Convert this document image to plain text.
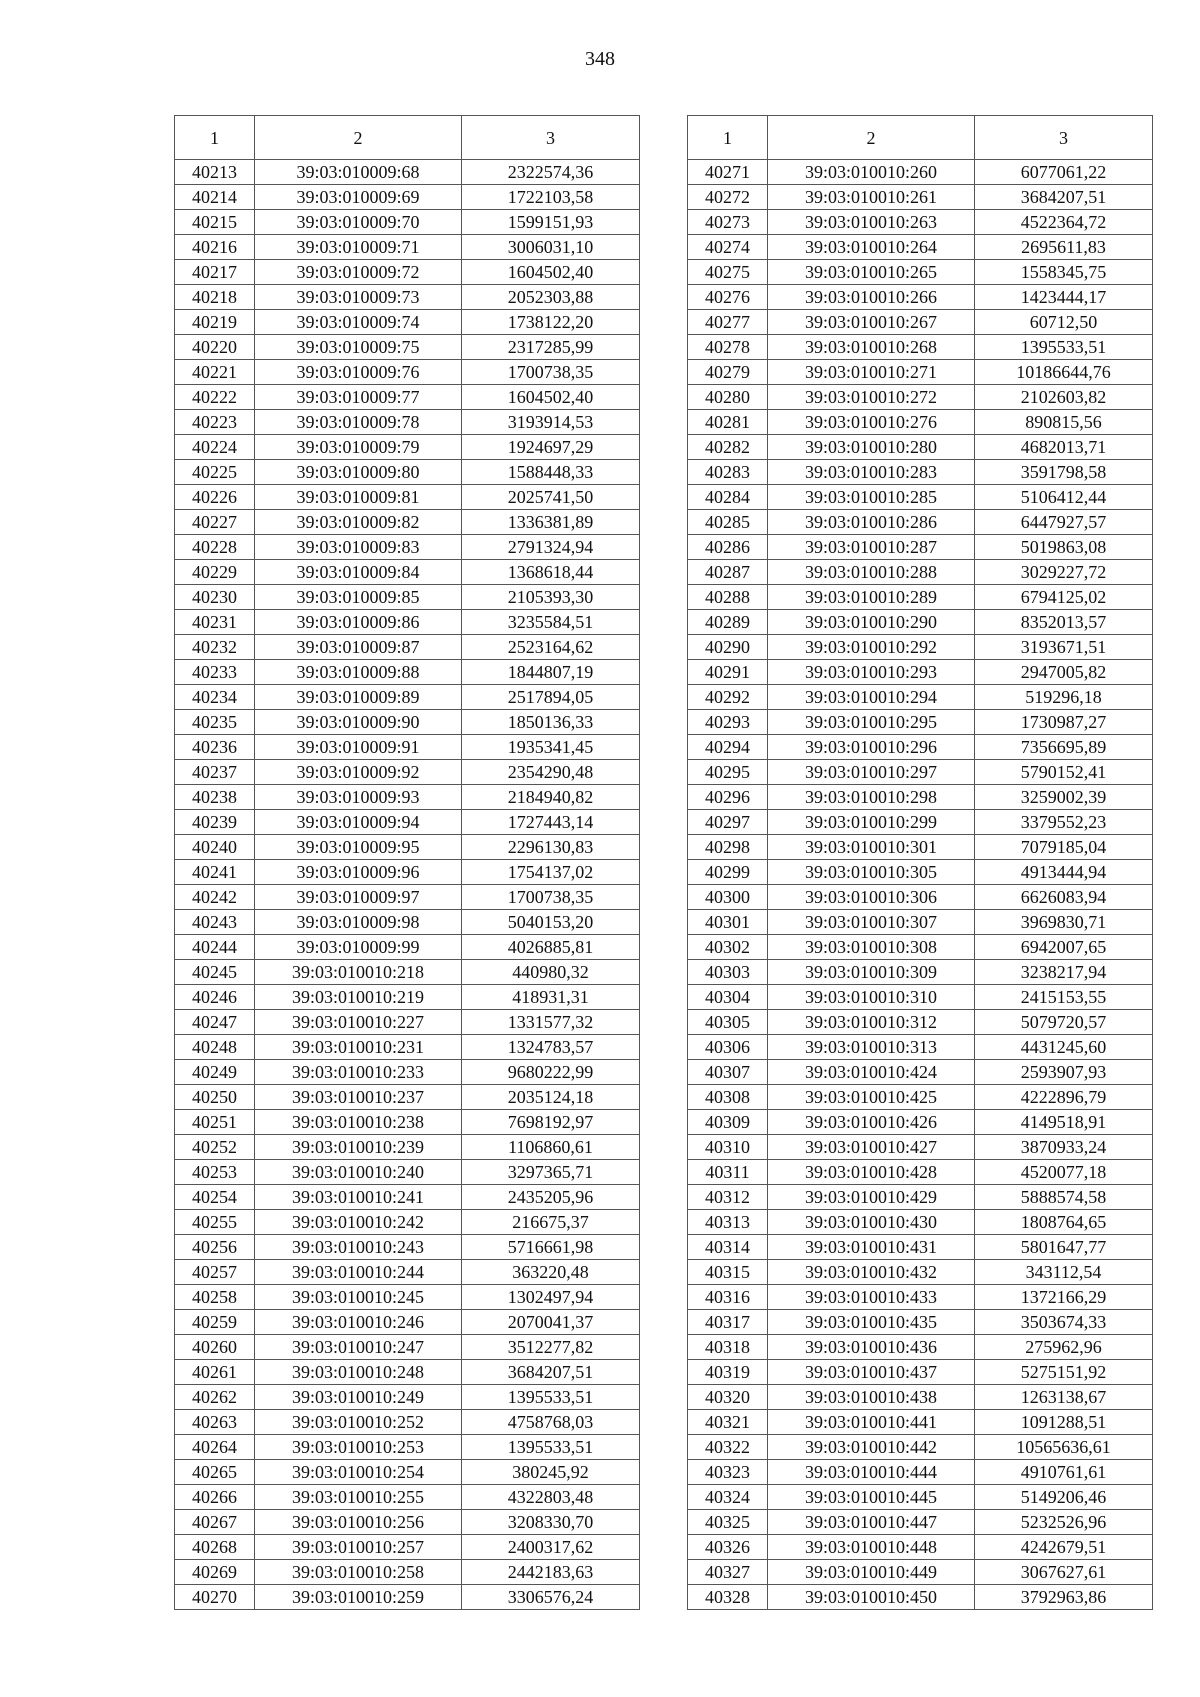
348
1	2	3
40213	39:03:010009:68	2322574,36
40214	39:03:010009:69	1722103,58
40215	39:03:010009:70	1599151,93
40216	39:03:010009:71	3006031,10
40217	39:03:010009:72	1604502,40
40218	39:03:010009:73	2052303,88
40219	39:03:010009:74	1738122,20
40220	39:03:010009:75	2317285,99
40221	39:03:010009:76	1700738,35
40222	39:03:010009:77	1604502,40
40223	39:03:010009:78	3193914,53
40224	39:03:010009:79	1924697,29
40225	39:03:010009:80	1588448,33
40226	39:03:010009:81	2025741,50
40227	39:03:010009:82	1336381,89
40228	39:03:010009:83	2791324,94
40229	39:03:010009:84	1368618,44
40230	39:03:010009:85	2105393,30
40231	39:03:010009:86	3235584,51
40232	39:03:010009:87	2523164,62
40233	39:03:010009:88	1844807,19
40234	39:03:010009:89	2517894,05
40235	39:03:010009:90	1850136,33
40236	39:03:010009:91	1935341,45
40237	39:03:010009:92	2354290,48
40238	39:03:010009:93	2184940,82
40239	39:03:010009:94	1727443,14
40240	39:03:010009:95	2296130,83
40241	39:03:010009:96	1754137,02
40242	39:03:010009:97	1700738,35
40243	39:03:010009:98	5040153,20
40244	39:03:010009:99	4026885,81
40245	39:03:010010:218	440980,32
40246	39:03:010010:219	418931,31
40247	39:03:010010:227	1331577,32
40248	39:03:010010:231	1324783,57
40249	39:03:010010:233	9680222,99
40250	39:03:010010:237	2035124,18
40251	39:03:010010:238	7698192,97
40252	39:03:010010:239	1106860,61
40253	39:03:010010:240	3297365,71
40254	39:03:010010:241	2435205,96
40255	39:03:010010:242	216675,37
40256	39:03:010010:243	5716661,98
40257	39:03:010010:244	363220,48
40258	39:03:010010:245	1302497,94
40259	39:03:010010:246	2070041,37
40260	39:03:010010:247	3512277,82
40261	39:03:010010:248	3684207,51
40262	39:03:010010:249	1395533,51
40263	39:03:010010:252	4758768,03
40264	39:03:010010:253	1395533,51
40265	39:03:010010:254	380245,92
40266	39:03:010010:255	4322803,48
40267	39:03:010010:256	3208330,70
40268	39:03:010010:257	2400317,62
40269	39:03:010010:258	2442183,63
40270	39:03:010010:259	3306576,24
1	2	3
40271	39:03:010010:260	6077061,22
40272	39:03:010010:261	3684207,51
40273	39:03:010010:263	4522364,72
40274	39:03:010010:264	2695611,83
40275	39:03:010010:265	1558345,75
40276	39:03:010010:266	1423444,17
40277	39:03:010010:267	60712,50
40278	39:03:010010:268	1395533,51
40279	39:03:010010:271	10186644,76
40280	39:03:010010:272	2102603,82
40281	39:03:010010:276	890815,56
40282	39:03:010010:280	4682013,71
40283	39:03:010010:283	3591798,58
40284	39:03:010010:285	5106412,44
40285	39:03:010010:286	6447927,57
40286	39:03:010010:287	5019863,08
40287	39:03:010010:288	3029227,72
40288	39:03:010010:289	6794125,02
40289	39:03:010010:290	8352013,57
40290	39:03:010010:292	3193671,51
40291	39:03:010010:293	2947005,82
40292	39:03:010010:294	519296,18
40293	39:03:010010:295	1730987,27
40294	39:03:010010:296	7356695,89
40295	39:03:010010:297	5790152,41
40296	39:03:010010:298	3259002,39
40297	39:03:010010:299	3379552,23
40298	39:03:010010:301	7079185,04
40299	39:03:010010:305	4913444,94
40300	39:03:010010:306	6626083,94
40301	39:03:010010:307	3969830,71
40302	39:03:010010:308	6942007,65
40303	39:03:010010:309	3238217,94
40304	39:03:010010:310	2415153,55
40305	39:03:010010:312	5079720,57
40306	39:03:010010:313	4431245,60
40307	39:03:010010:424	2593907,93
40308	39:03:010010:425	4222896,79
40309	39:03:010010:426	4149518,91
40310	39:03:010010:427	3870933,24
40311	39:03:010010:428	4520077,18
40312	39:03:010010:429	5888574,58
40313	39:03:010010:430	1808764,65
40314	39:03:010010:431	5801647,77
40315	39:03:010010:432	343112,54
40316	39:03:010010:433	1372166,29
40317	39:03:010010:435	3503674,33
40318	39:03:010010:436	275962,96
40319	39:03:010010:437	5275151,92
40320	39:03:010010:438	1263138,67
40321	39:03:010010:441	1091288,51
40322	39:03:010010:442	10565636,61
40323	39:03:010010:444	4910761,61
40324	39:03:010010:445	5149206,46
40325	39:03:010010:447	5232526,96
40326	39:03:010010:448	4242679,51
40327	39:03:010010:449	3067627,61
40328	39:03:010010:450	3792963,86
